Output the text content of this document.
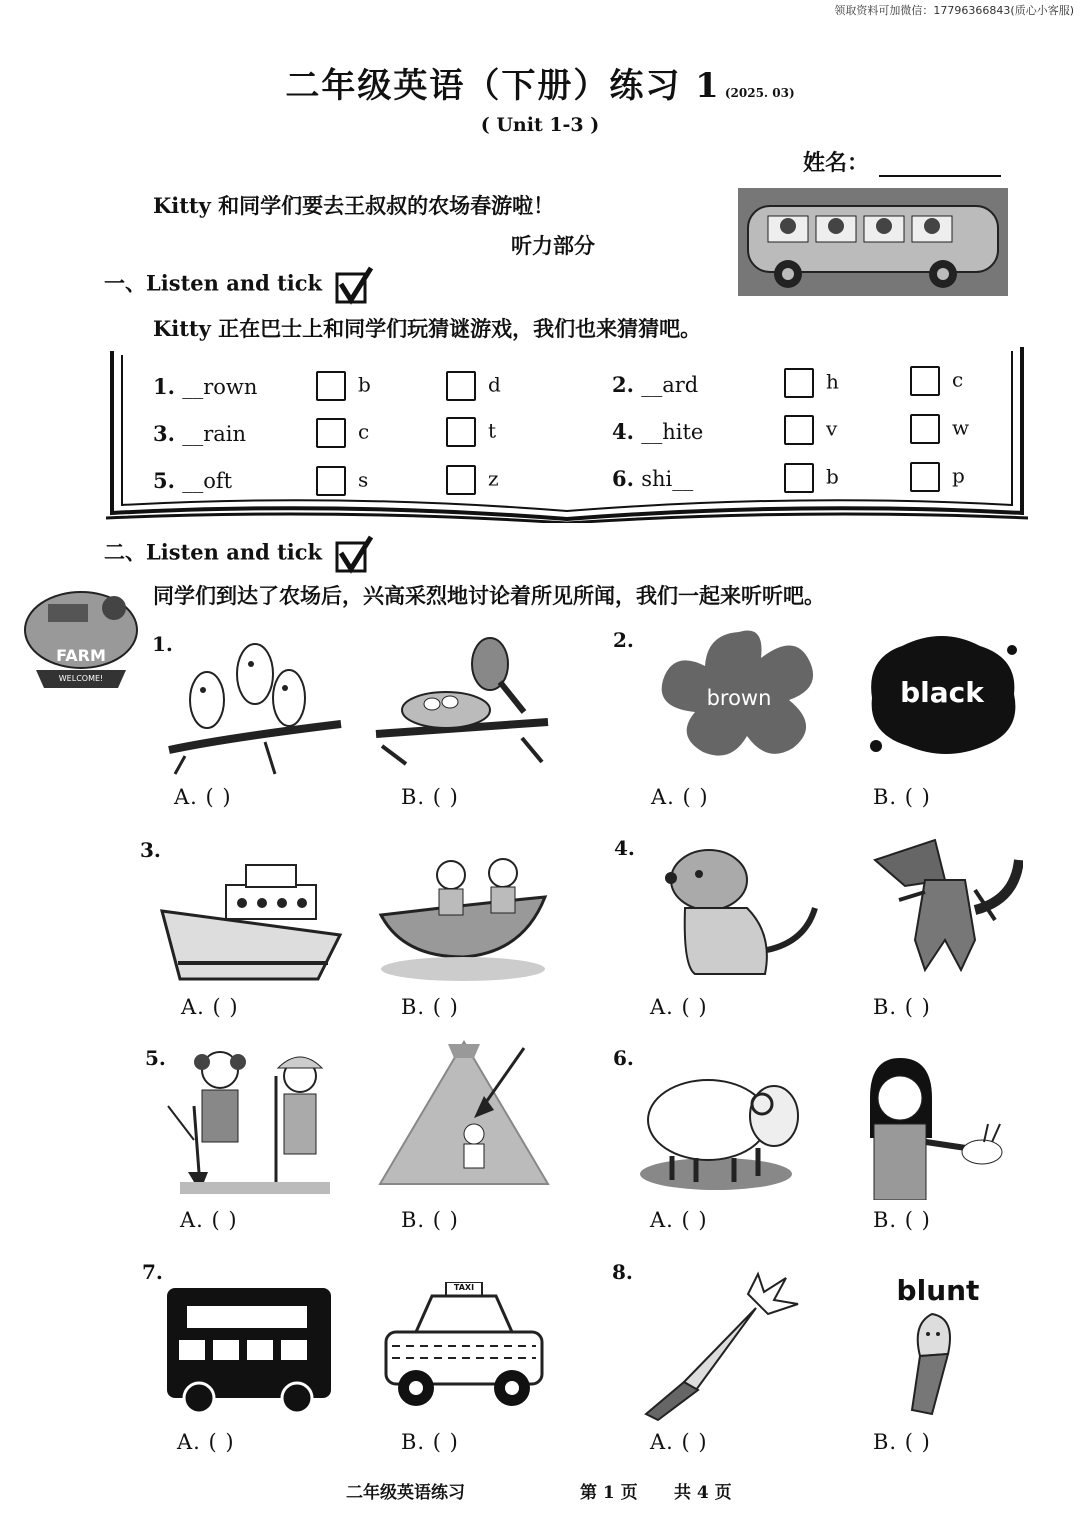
领取资料可加微信：17796366843(质心小客服)
二年级英语（下册）练习 1 (2025. 03)
( Unit 1-3 )
姓名：
Kitty 和同学们要去王叔叔的农场春游啦！
听力部分
一、Listen and tick
Kitty 正在巴士上和同学们玩猜谜游戏，我们也来猜猜吧。
1. __rown	b	d	2. __ard	h	c
3. __rain	c	t	4. __hite	v	w
5. __oft	s	z	6. shi__	b	p
二、Listen and tick
同学们到达了农场后，兴高采烈地讨论着所见所闻，我们一起来听听吧。
FARM
WELCOME!
1.
A. ( )	B. ( )
2.
brown	black
A. ( )	B. ( )
3.
A. ( )	B. ( )
4.
A. ( )	B. ( )
5.
A. ( )	B. ( )
6.
A. ( )	B. ( )
7.
TAXI
A. ( )	B. ( )
8.
blunt
A. ( )	B. ( )
二年级英语练习	第 1 页 共 4 页
